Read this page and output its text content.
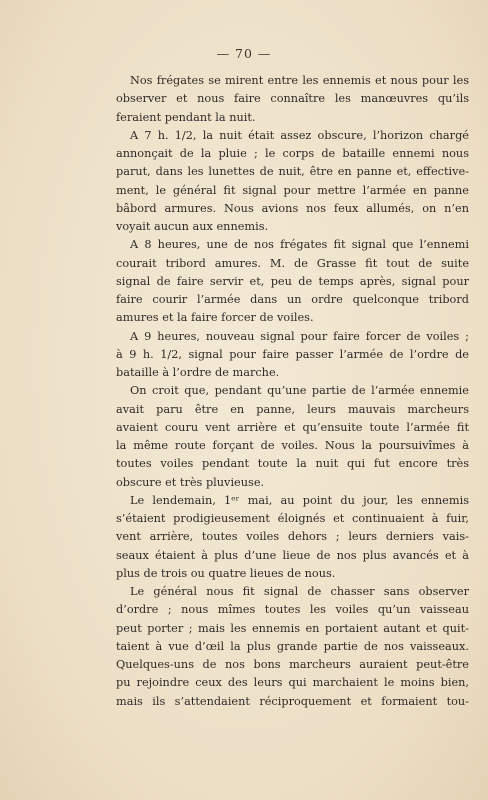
— 70 —
Nos frégates se mirent entre les ennemis et nous pour les
observer et nous faire connaître les manœuvres qu’ils
feraient pendant la nuit.
A 7 h. 1/2, la nuit était assez obscure, l’horizon chargé
annonçait de la pluie ; le corps de bataille ennemi nous
parut, dans les lunettes de nuit, être en panne et, effective-
ment, le général fit signal pour mettre l’armée en panne
bâbord armures. Nous avions nos feux allumés, on n’en
voyait aucun aux ennemis.
A 8 heures, une de nos frégates fit signal que l’ennemi
courait tribord amures. M. de Grasse fit tout de suite
signal de faire servir et, peu de temps après, signal pour
faire courir l’armée dans un ordre quelconque tribord
amures et la faire forcer de voiles.
A 9 heures, nouveau signal pour faire forcer de voiles ;
à 9 h. 1/2, signal pour faire passer l’armée de l’ordre de
bataille à l’ordre de marche.
On croit que, pendant qu’une partie de l’armée ennemie
avait paru être en panne, leurs mauvais marcheurs
avaient couru vent arrière et qu’ensuite toute l’armée fit
la même route forçant de voiles. Nous la poursuivîmes à
toutes voiles pendant toute la nuit qui fut encore très
obscure et très pluvieuse.
Le lendemain, 1ᵉʳ mai, au point du jour, les ennemis
s’étaient prodigieusement éloignés et continuaient à fuir,
vent arrière, toutes voiles dehors ; leurs derniers vais-
seaux étaient à plus d’une lieue de nos plus avancés et à
plus de trois ou quatre lieues de nous.
Le général nous fit signal de chasser sans observer
d’ordre ; nous mîmes toutes les voiles qu’un vaisseau
peut porter ; mais les ennemis en portaient autant et quit-
taient à vue d’œil la plus grande partie de nos vaisseaux.
Quelques-uns de nos bons marcheurs auraient peut-être
pu rejoindre ceux des leurs qui marchaient le moins bien,
mais ils s’attendaient réciproquement et formaient tou-
